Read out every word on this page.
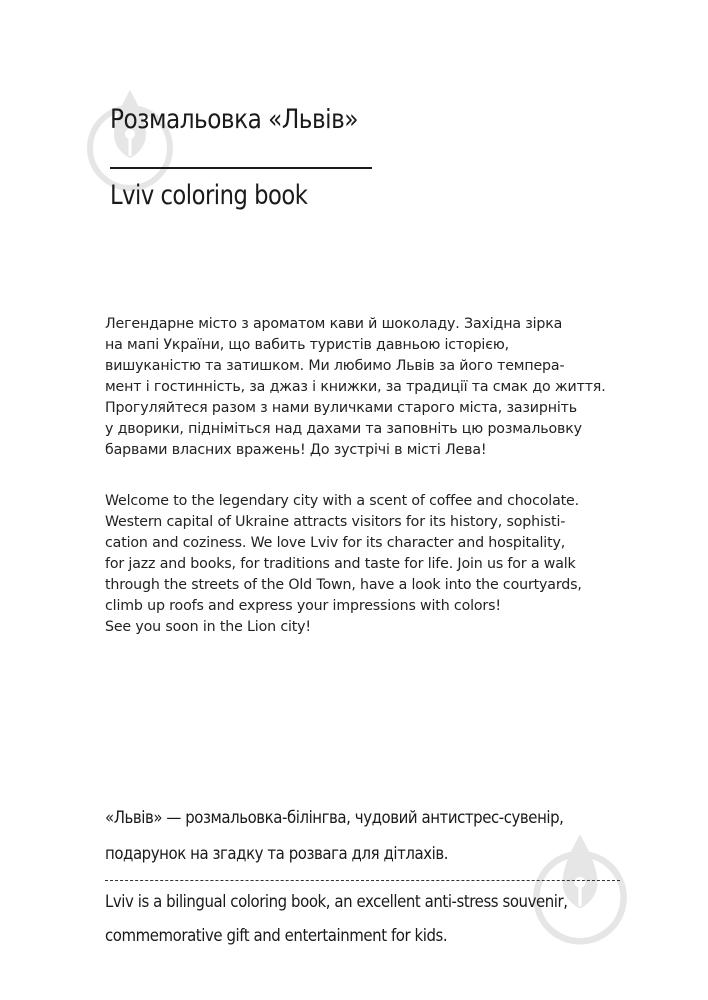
Розмальовка «Львів»
Lviv coloring book

Легендарне місто з ароматом кави й шоколаду. Західна зірка
на мапі України, що вабить туристів давньою історією,
вишуканістю та затишком. Ми любимо Львів за його темпера-
мент і гостинність, за джаз і книжки, за традиції та смак до життя.
Прогуляйтеся разом з нами вуличками старого міста, зазирніть
у дворики, підніміться над дахами та заповніть цю розмальовку
барвами власних вражень! До зустрічі в місті Лева!

Welcome to the legendary city with a scent of coffee and chocolate.
Western capital of Ukraine attracts visitors for its history, sophisti-
cation and coziness. We love Lviv for its character and hospitality,
for jazz and books, for traditions and taste for life. Join us for a walk
through the streets of the Old Town, have a look into the courtyards,
climb up roofs and express your impressions with colors!
See you soon in the Lion city!

«Львів» — розмальовка-білінгва, чудовий антистрес-сувенір,
подарунок на згадку та розвага для дітлахів.
Lviv is a bilingual coloring book, an excellent anti-stress souvenir,
commemorative gift and entertainment for kids.
